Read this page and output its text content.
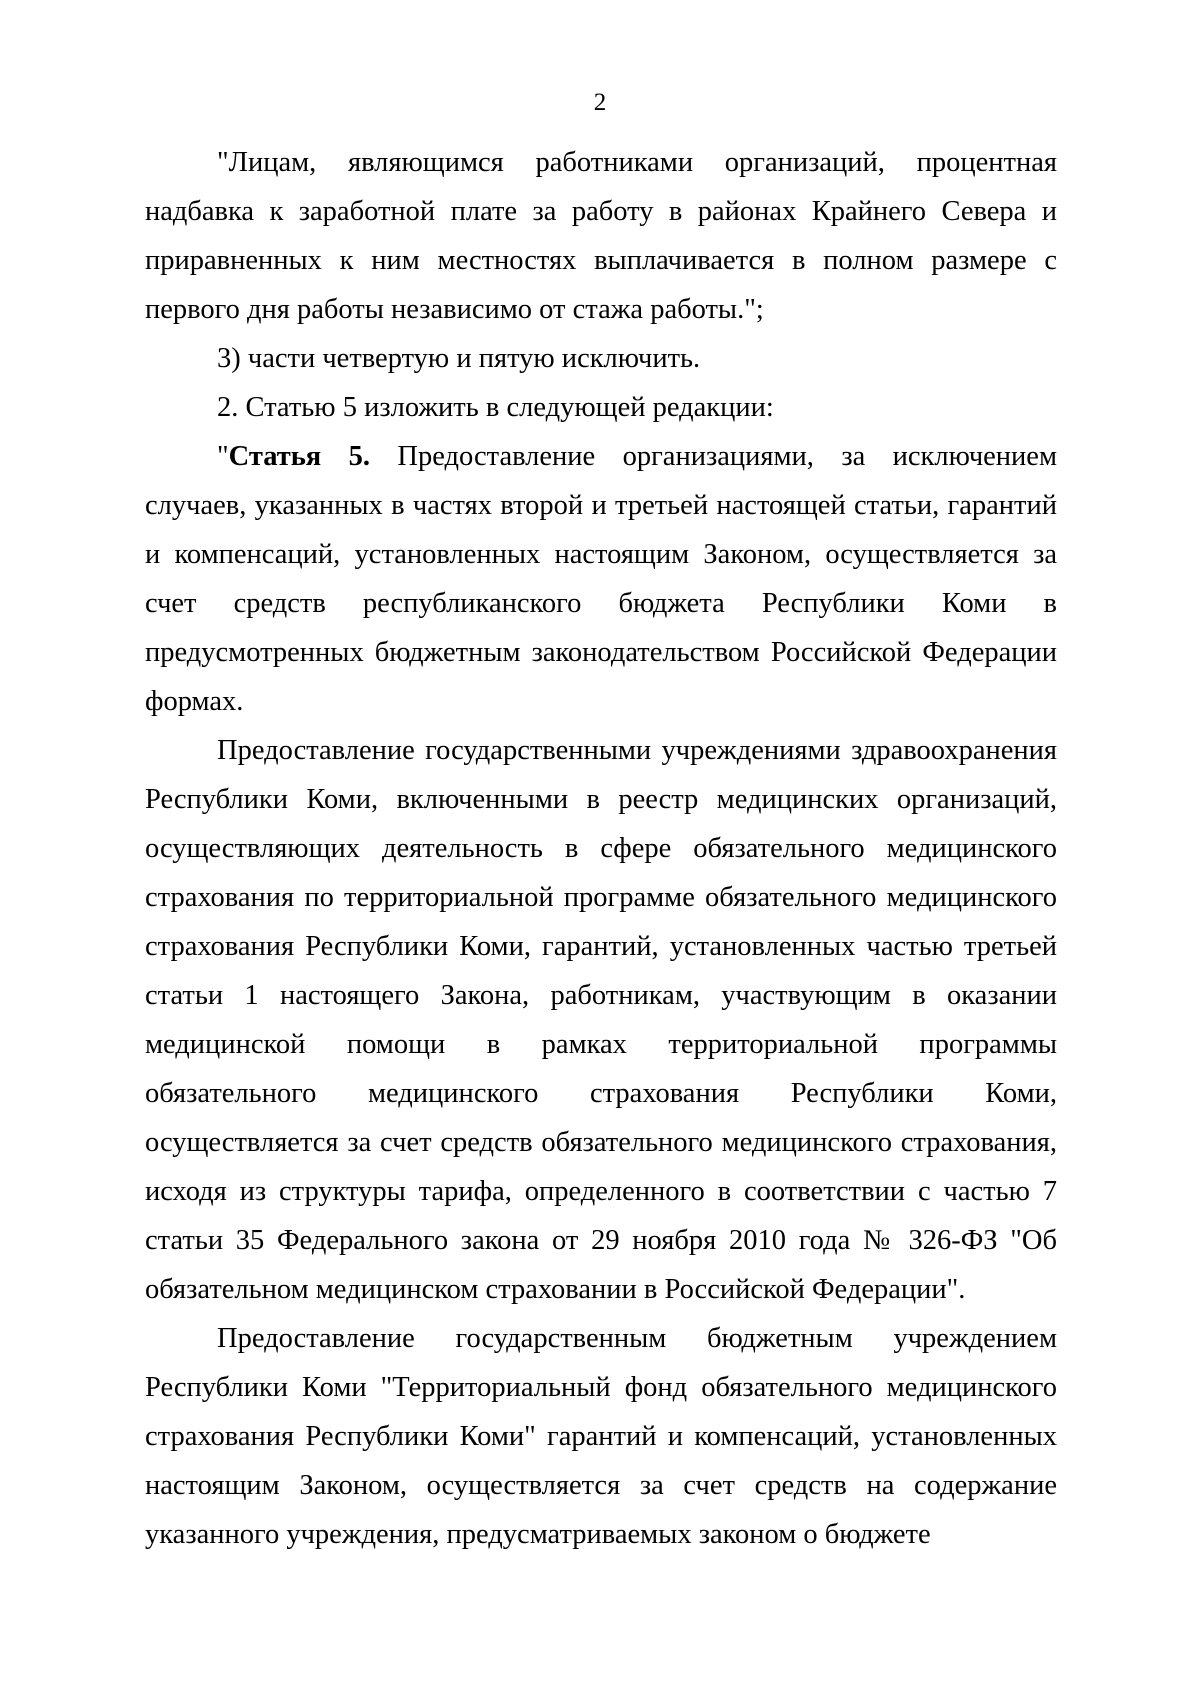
2

"Лицам, являющимся работниками организаций, процентная надбавка к заработной плате за работу в районах Крайнего Севера и приравненных к ним местностях выплачивается в полном размере с первого дня работы независимо от стажа работы.";

3) части четвертую и пятую исключить.

2. Статью 5 изложить в следующей редакции:

"Статья 5. Предоставление организациями, за исключением случаев, указанных в частях второй и третьей настоящей статьи, гарантий и компенсаций, установленных настоящим Законом, осуществляется за счет средств республиканского бюджета Республики Коми в предусмотренных бюджетным законодательством Российской Федерации формах.

Предоставление государственными учреждениями здравоохранения Республики Коми, включенными в реестр медицинских организаций, осуществляющих деятельность в сфере обязательного медицинского страхования по территориальной программе обязательного медицинского страхования Республики Коми, гарантий, установленных частью третьей статьи 1 настоящего Закона, работникам, участвующим в оказании медицинской помощи в рамках территориальной программы обязательного медицинского страхования Республики Коми, осуществляется за счет средств обязательного медицинского страхования, исходя из структуры тарифа, определенного в соответствии с частью 7 статьи 35 Федерального закона от 29 ноября 2010 года № 326-ФЗ "Об обязательном медицинском страховании в Российской Федерации".

Предоставление государственным бюджетным учреждением Республики Коми "Территориальный фонд обязательного медицинского страхования Республики Коми" гарантий и компенсаций, установленных настоящим Законом, осуществляется за счет средств на содержание указанного учреждения, предусматриваемых законом о бюджете
